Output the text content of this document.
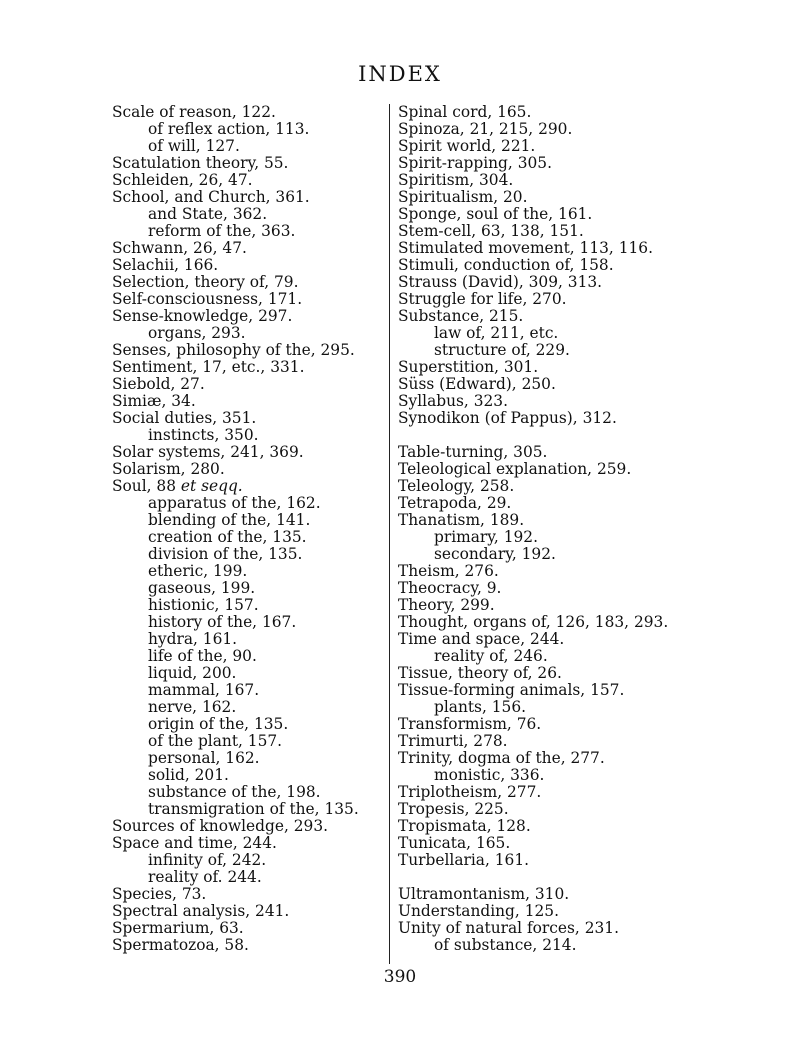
INDEX
Scale of reason, 122.
of reflex action, 113.
of will, 127.
Scatulation theory, 55.
Schleiden, 26, 47.
School, and Church, 361.
and State, 362.
reform of the, 363.
Schwann, 26, 47.
Selachii, 166.
Selection, theory of, 79.
Self-consciousness, 171.
Sense-knowledge, 297.
organs, 293.
Senses, philosophy of the, 295.
Sentiment, 17, etc., 331.
Siebold, 27.
Simiæ, 34.
Social duties, 351.
instincts, 350.
Solar systems, 241, 369.
Solarism, 280.
Soul, 88 et seqq.
apparatus of the, 162.
blending of the, 141.
creation of the, 135.
division of the, 135.
etheric, 199.
gaseous, 199.
histionic, 157.
history of the, 167.
hydra, 161.
life of the, 90.
liquid, 200.
mammal, 167.
nerve, 162.
origin of the, 135.
of the plant, 157.
personal, 162.
solid, 201.
substance of the, 198.
transmigration of the, 135.
Sources of knowledge, 293.
Space and time, 244.
infinity of, 242.
reality of. 244.
Species, 73.
Spectral analysis, 241.
Spermarium, 63.
Spermatozoa, 58.
Spinal cord, 165.
Spinoza, 21, 215, 290.
Spirit world, 221.
Spirit-rapping, 305.
Spiritism, 304.
Spiritualism, 20.
Sponge, soul of the, 161.
Stem-cell, 63, 138, 151.
Stimulated movement, 113, 116.
Stimuli, conduction of, 158.
Strauss (David), 309, 313.
Struggle for life, 270.
Substance, 215.
law of, 211, etc.
structure of, 229.
Superstition, 301.
Süss (Edward), 250.
Syllabus, 323.
Synodikon (of Pappus), 312.
Table-turning, 305.
Teleological explanation, 259.
Teleology, 258.
Tetrapoda, 29.
Thanatism, 189.
primary, 192.
secondary, 192.
Theism, 276.
Theocracy, 9.
Theory, 299.
Thought, organs of, 126, 183, 293.
Time and space, 244.
reality of, 246.
Tissue, theory of, 26.
Tissue-forming animals, 157.
plants, 156.
Transformism, 76.
Trimurti, 278.
Trinity, dogma of the, 277.
monistic, 336.
Triplotheism, 277.
Tropesis, 225.
Tropismata, 128.
Tunicata, 165.
Turbellaria, 161.
Ultramontanism, 310.
Understanding, 125.
Unity of natural forces, 231.
of substance, 214.
390
